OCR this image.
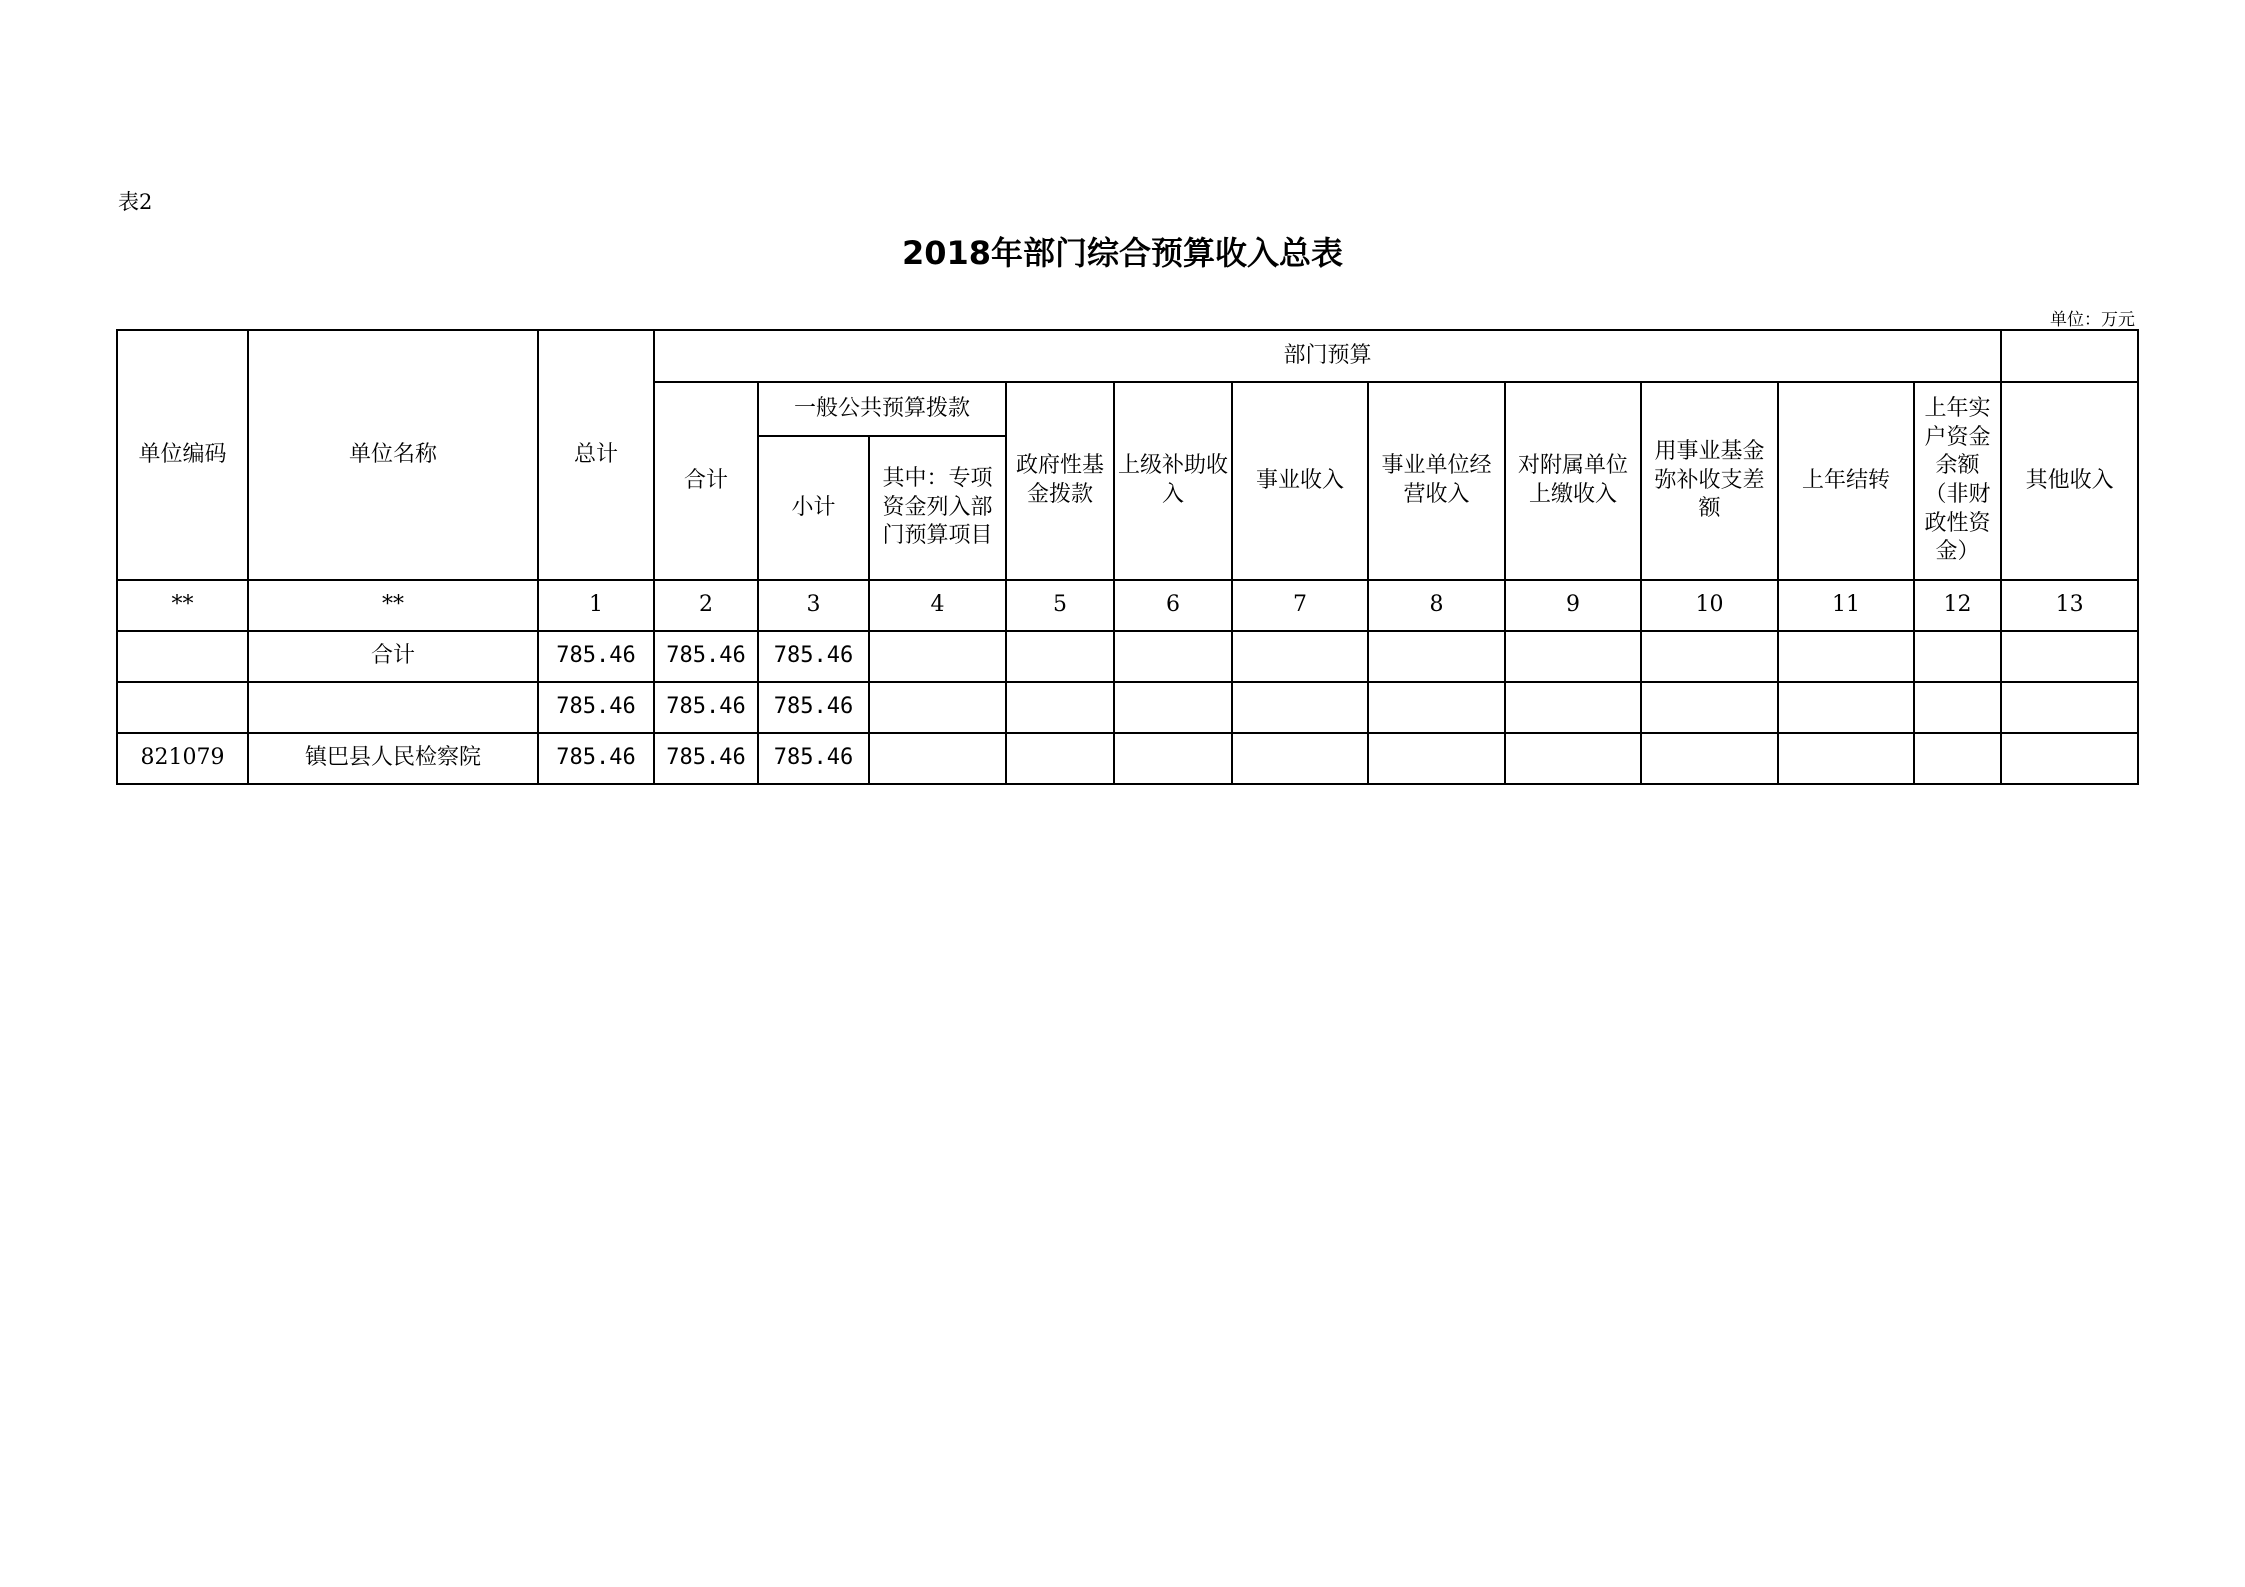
表2
2018年部门综合预算收入总表
单位：万元
单位编码	单位名称	总计	部门预算											
			合计	一般公共预算拨款		政府性基金拨款	上级补助收入	事业收入	事业单位经营收入	对附属单位上缴收入	用事业基金弥补收支差额	上年结转	上年实户资金余额（非财政性资金）	其他收入
				小计	其中：专项资金列入部门预算项目									
**	**	1	2	3	4	5	6	7	8	9	10	11	12	13
	合计	785.46	785.46	785.46										
		785.46	785.46	785.46										
821079	镇巴县人民检察院	785.46	785.46	785.46										
